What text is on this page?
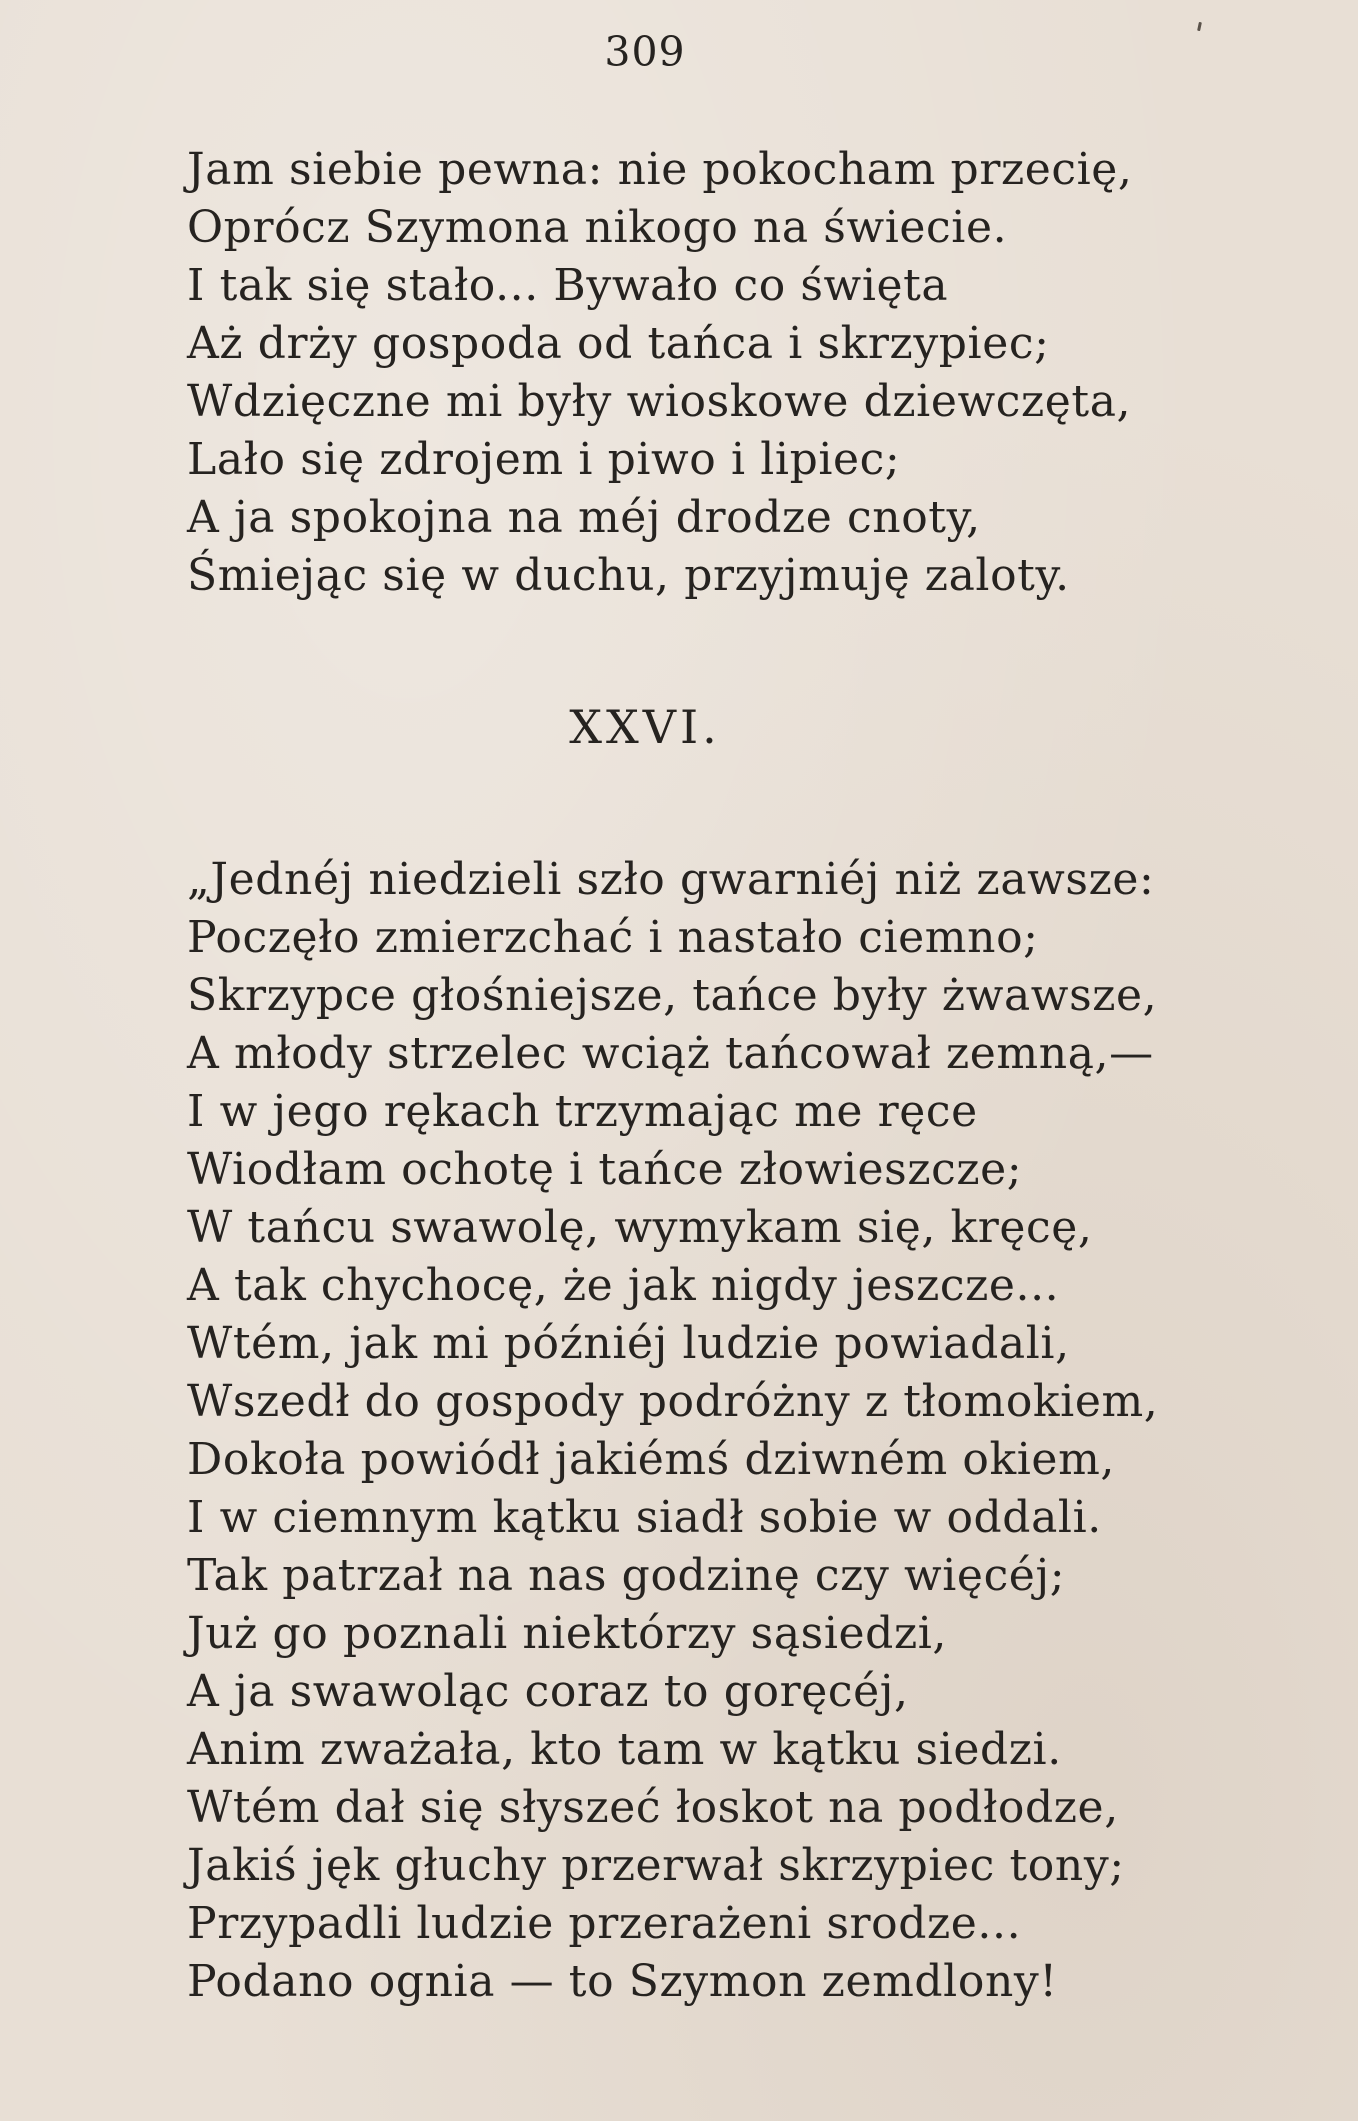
309
Jam siebie pewna: nie pokocham przecię,
Oprócz Szymona nikogo na świecie.
I tak się stało... Bywało co święta
Aż drży gospoda od tańca i skrzypiec;
Wdzięczne mi były wioskowe dziewczęta,
Lało się zdrojem i piwo i lipiec;
A ja spokojna na méj drodze cnoty,
Śmiejąc się w duchu, przyjmuję zaloty.
XXVI.
„Jednéj niedzieli szło gwarniéj niż zawsze:
Poczęło zmierzchać i nastało ciemno;
Skrzypce głośniejsze, tańce były żwawsze,
A młody strzelec wciąż tańcował zemną,—
I w jego rękach trzymając me ręce
Wiodłam ochotę i tańce złowieszcze;
W tańcu swawolę, wymykam się, kręcę,
A tak chychocę, że jak nigdy jeszcze...
Wtém, jak mi późniéj ludzie powiadali,
Wszedł do gospody podróżny z tłomokiem,
Dokoła powiódł jakiémś dziwném okiem,
I w ciemnym kątku siadł sobie w oddali.
Tak patrzał na nas godzinę czy więcéj;
Już go poznali niektórzy sąsiedzi,
A ja swawoląc coraz to goręcéj,
Anim zważała, kto tam w kątku siedzi.
Wtém dał się słyszeć łoskot na podłodze,
Jakiś jęk głuchy przerwał skrzypiec tony;
Przypadli ludzie przerażeni srodze...
Podano ognia — to Szymon zemdlony!
